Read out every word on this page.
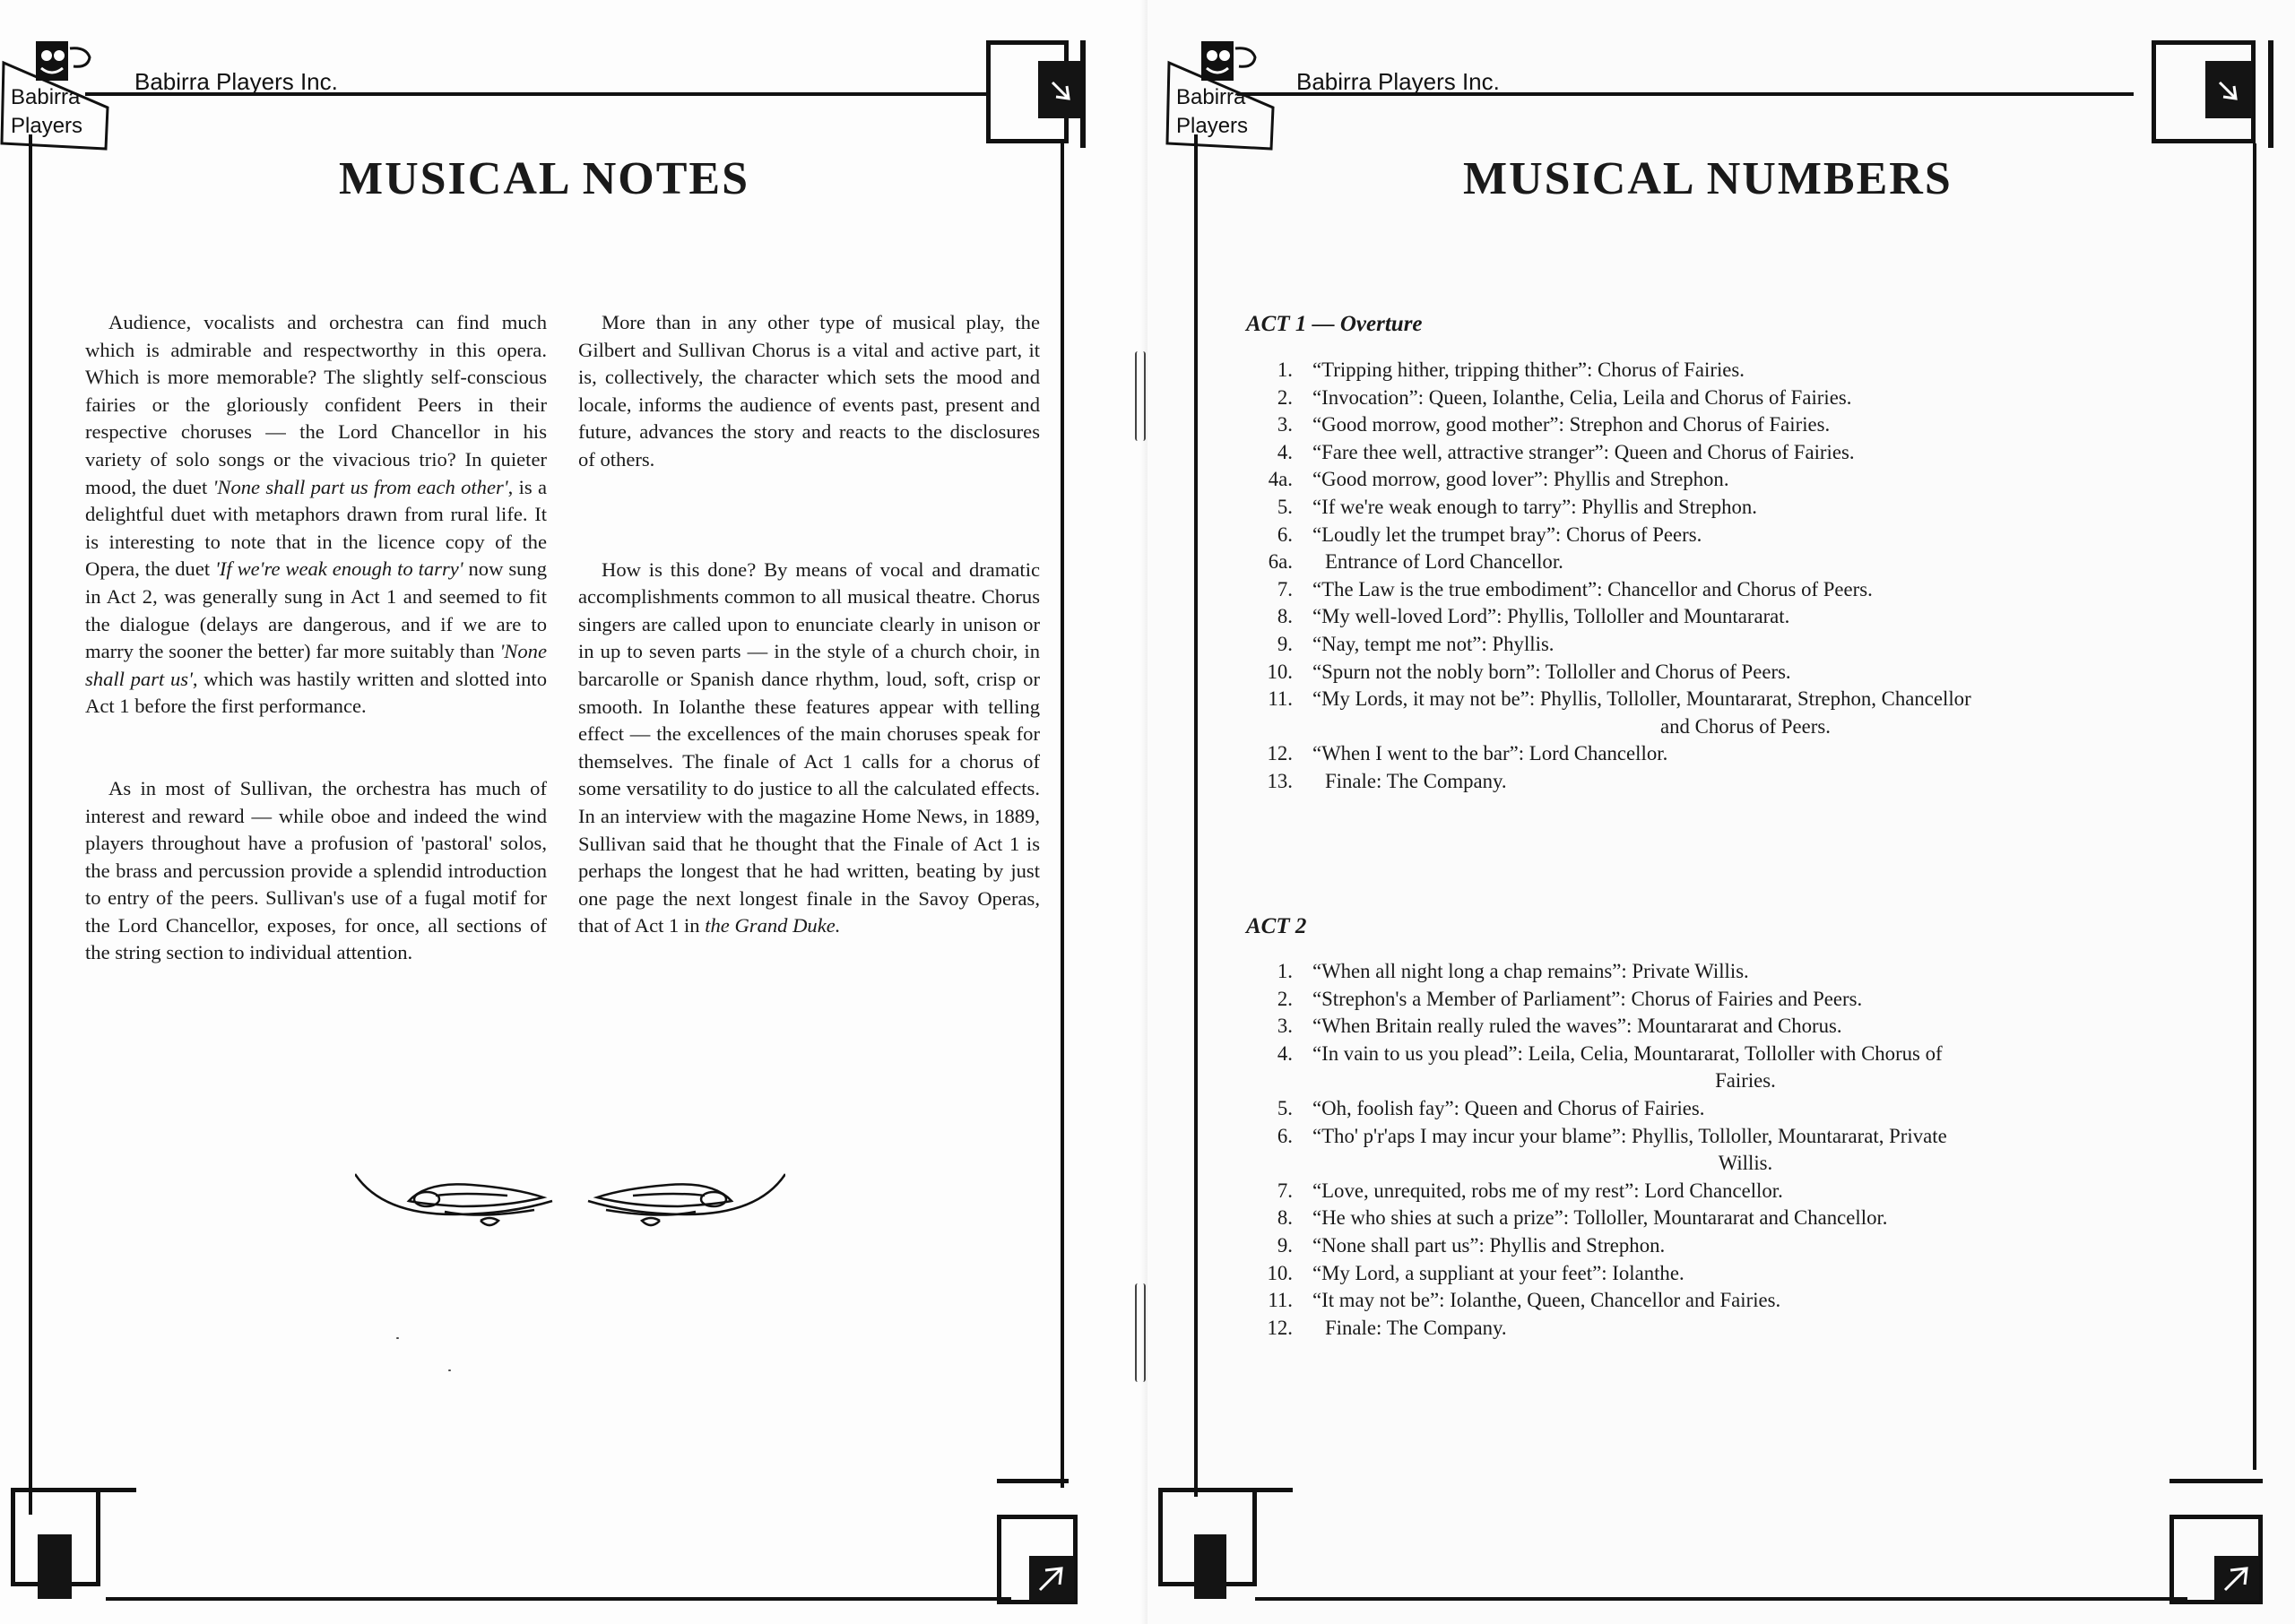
Babirra
Players
Babirra Players Inc.
MUSICAL NOTES

Audience, vocalists and orchestra can find much which is admirable and respectworthy in this opera. Which is more memorable? The slightly self-conscious fairies or the gloriously confident Peers in their respective choruses — the Lord Chancellor in his variety of solo songs or the vivacious trio? In quieter mood, the duet 'None shall part us from each other', is a delightful duet with metaphors drawn from rural life. It is interesting to note that in the licence copy of the Opera, the duet 'If we're weak enough to tarry' now sung in Act 2, was generally sung in Act 1 and seemed to fit the dialogue (delays are dangerous, and if we are to marry the sooner the better) far more suitably than 'None shall part us', which was hastily written and slotted into Act 1 before the first performance.

As in most of Sullivan, the orchestra has much of interest and reward — while oboe and indeed the wind players throughout have a profusion of 'pastoral' solos, the brass and percussion provide a splendid introduction to entry of the peers. Sullivan's use of a fugal motif for the Lord Chancellor, exposes, for once, all sections of the string section to individual attention.

More than in any other type of musical play, the Gilbert and Sullivan Chorus is a vital and active part, it is, collectively, the character which sets the mood and locale, informs the audience of events past, present and future, advances the story and reacts to the disclosures of others.

How is this done? By means of vocal and dramatic accomplishments common to all musical theatre. Chorus singers are called upon to enunciate clearly in unison or in up to seven parts — in the style of a church choir, in barcarolle or Spanish dance rhythm, loud, soft, crisp or smooth. In Iolanthe these features appear with telling effect — the excellences of the main choruses speak for themselves. The finale of Act 1 calls for a chorus of some versatility to do justice to all the calculated effects. In an interview with the magazine Home News, in 1889, Sullivan said that he thought that the Finale of Act 1 is perhaps the longest that he had written, beating by just one page the next longest finale in the Savoy Operas, that of Act 1 in the Grand Duke.

Babirra
Players
Babirra Players Inc.
MUSICAL NUMBERS
ACT 1 — Overture
1. “Tripping hither, tripping thither”: Chorus of Fairies.
2. “Invocation”: Queen, Iolanthe, Celia, Leila and Chorus of Fairies.
3. “Good morrow, good mother”: Strephon and Chorus of Fairies.
4. “Fare thee well, attractive stranger”: Queen and Chorus of Fairies.
4a. “Good morrow, good lover”: Phyllis and Strephon.
5. “If we're weak enough to tarry”: Phyllis and Strephon.
6. “Loudly let the trumpet bray”: Chorus of Peers.
6a.	Entrance of Lord Chancellor.
7. “The Law is the true embodiment”: Chancellor and Chorus of Peers.
8. “My well-loved Lord”: Phyllis, Tolloller and Mountararat.
9. “Nay, tempt me not”: Phyllis.
10. “Spurn not the nobly born”: Tolloller and Chorus of Peers.
11. “My Lords, it may not be”: Phyllis, Tolloller, Mountararat, Strephon, Chancellor
and Chorus of Peers.
12. “When I went to the bar”: Lord Chancellor.
13.	Finale: The Company.
ACT 2
1. “When all night long a chap remains”: Private Willis.
2. “Strephon's a Member of Parliament”: Chorus of Fairies and Peers.
3. “When Britain really ruled the waves”: Mountararat and Chorus.
4. “In vain to us you plead”: Leila, Celia, Mountararat, Tolloller with Chorus of
Fairies.
5. “Oh, foolish fay”: Queen and Chorus of Fairies.
6. “Tho' p'r'aps I may incur your blame”: Phyllis, Tolloller, Mountararat, Private
Willis.
7. “Love, unrequited, robs me of my rest”: Lord Chancellor.
8. “He who shies at such a prize”: Tolloller, Mountararat and Chancellor.
9. “None shall part us”: Phyllis and Strephon.
10. “My Lord, a suppliant at your feet”: Iolanthe.
11. “It may not be”: Iolanthe, Queen, Chancellor and Fairies.
12.	Finale: The Company.
